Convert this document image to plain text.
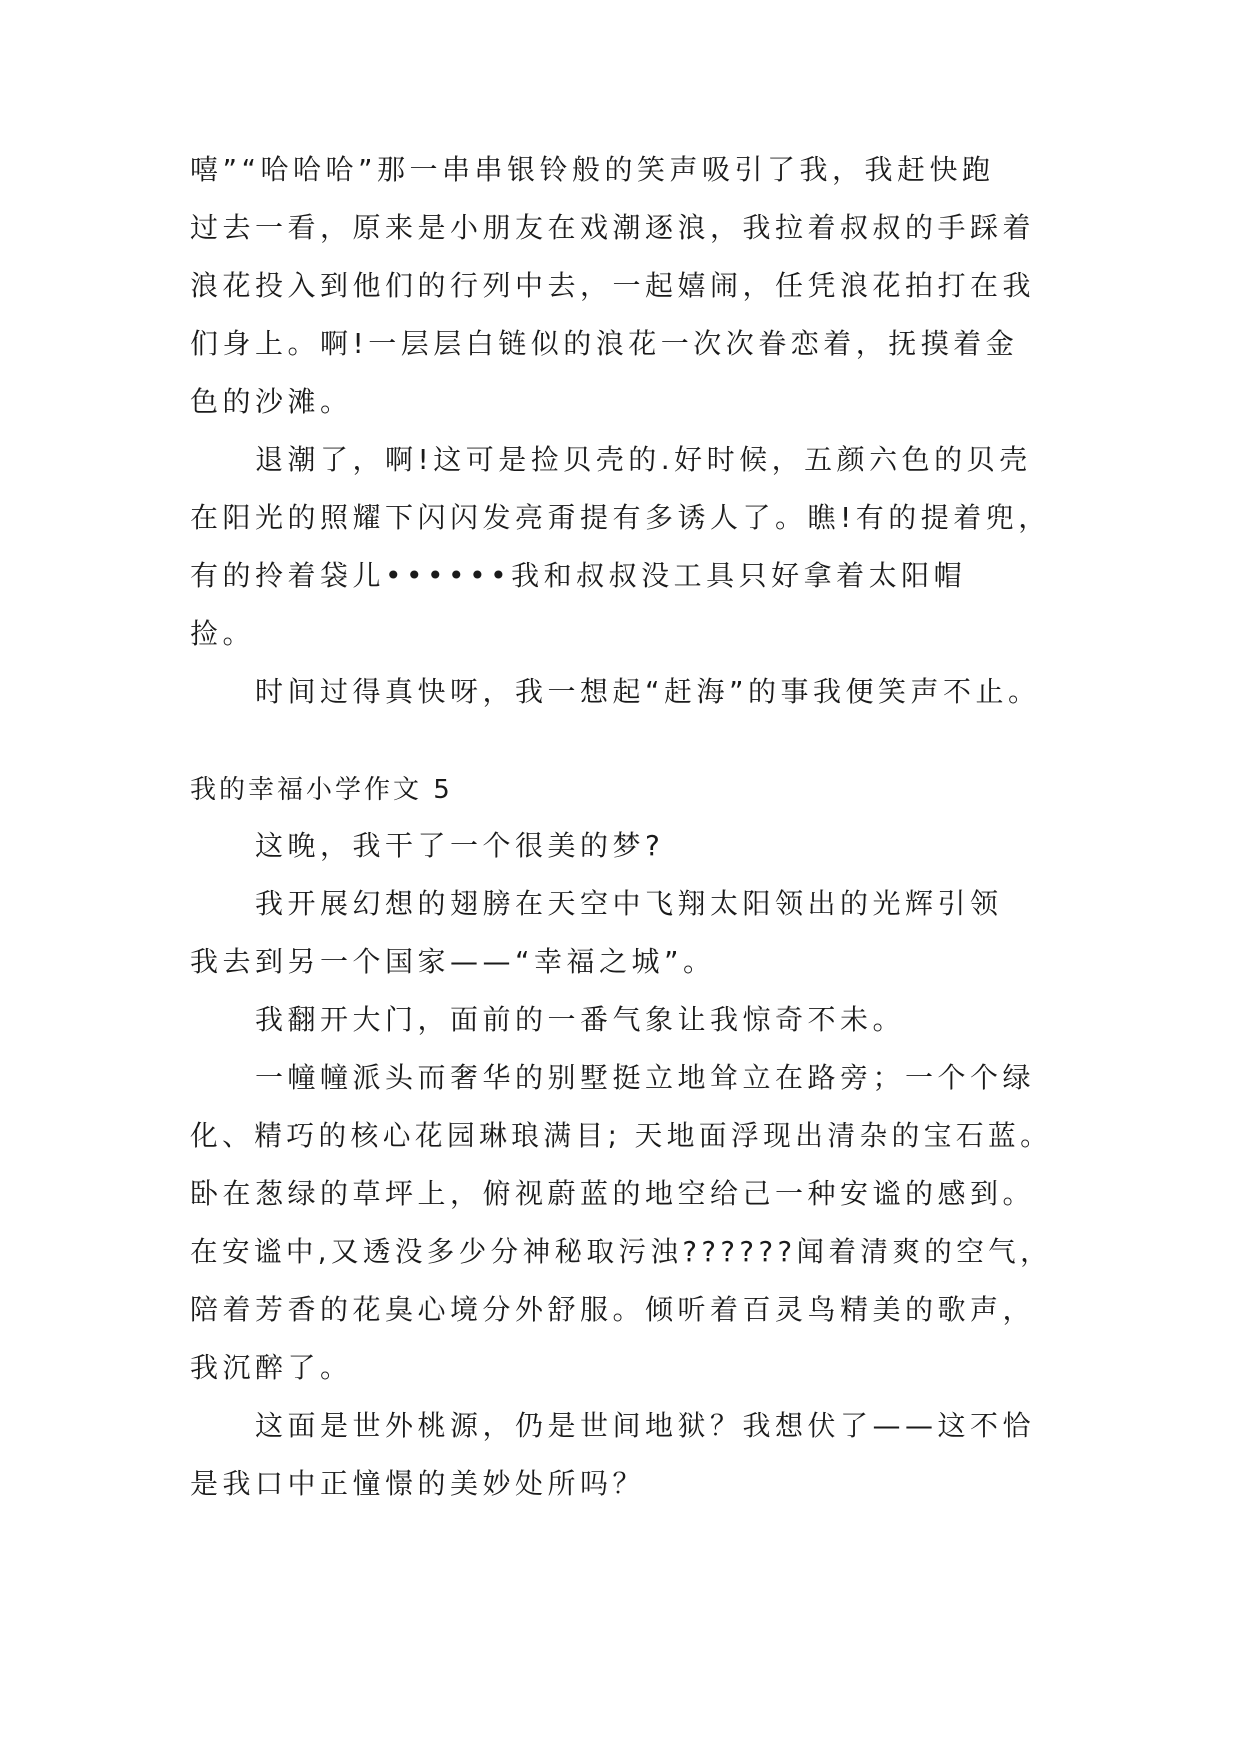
嘻”“哈哈哈”那一串串银铃般的笑声吸引了我，我赶快跑
过去一看，原来是小朋友在戏潮逐浪，我拉着叔叔的手踩着
浪花投入到他们的行列中去，一起嬉闹，任凭浪花拍打在我
们身上。啊!一层层白链似的浪花一次次眷恋着，抚摸着金
色的沙滩。
退潮了，啊!这可是捡贝壳的.好时候，五颜六色的贝壳
在阳光的照耀下闪闪发亮甭提有多诱人了。瞧!有的提着兜，
有的拎着袋儿••••••我和叔叔没工具只好拿着太阳帽
捡。
时间过得真快呀，我一想起“赶海”的事我便笑声不止。
我的幸福小学作文 5
这晚，我干了一个很美的梦?
我开展幻想的翅膀在天空中飞翔太阳领出的光辉引领
我去到另一个国家——“幸福之城”。
我翻开大门，面前的一番气象让我惊奇不未。
一幢幢派头而奢华的别墅挺立地耸立在路旁；一个个绿
化、精巧的核心花园琳琅满目; 天地面浮现出清杂的宝石蓝。
卧在葱绿的草坪上，俯视蔚蓝的地空给己一种安谧的感到。
在安谧中,又透没多少分神秘取污浊??????闻着清爽的空气，
陪着芳香的花臭心境分外舒服。倾听着百灵鸟精美的歌声，
我沉醉了。
这面是世外桃源，仍是世间地狱？我想伏了——这不恰
是我口中正憧憬的美妙处所吗？
